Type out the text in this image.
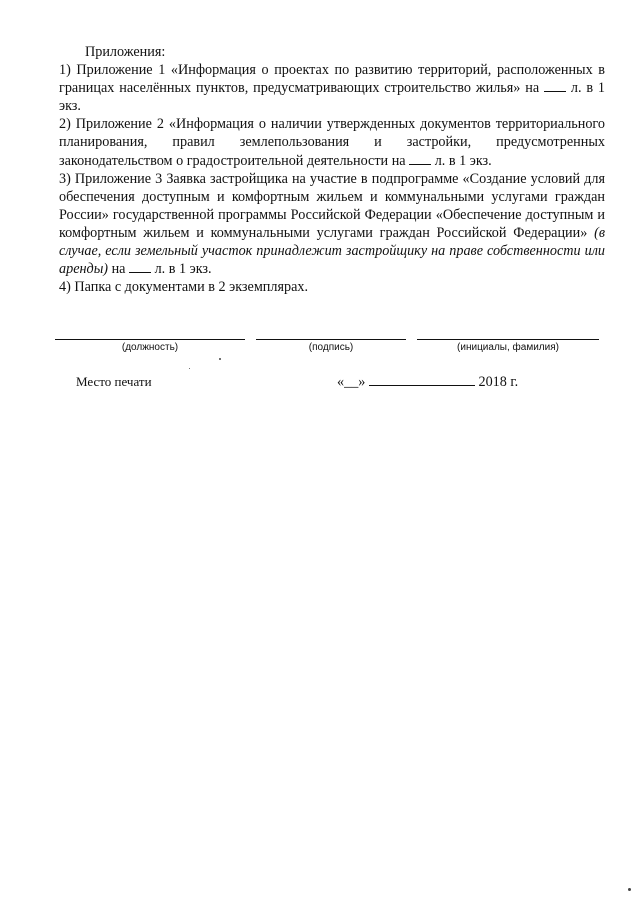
Приложения:

1) Приложение 1 «Информация о проектах по развитию территорий, расположенных в границах населённых пунктов, предусматривающих строительство жилья» на л. в 1 экз.

2) Приложение 2 «Информация о наличии утвержденных документов территориального планирования, правил землепользования и застройки, предусмотренных законодательством о градостроительной деятельности на л. в 1 экз.

3) Приложение 3 Заявка застройщика на участие в подпрограмме «Создание условий для обеспечения доступным и комфортным жильем и коммунальными услугами граждан России» государственной программы Российской Федерации «Обеспечение доступным и комфортным жильем и коммунальными услугами граждан Российской Федерации» (в случае, если земельный участок принадлежит застройщику на праве собственности или аренды) на л. в 1 экз.

4) Папка с документами в 2 экземплярах.

(должность)	(подпись)	(инициалы, фамилия)
Место печати	«__»	2018 г.
